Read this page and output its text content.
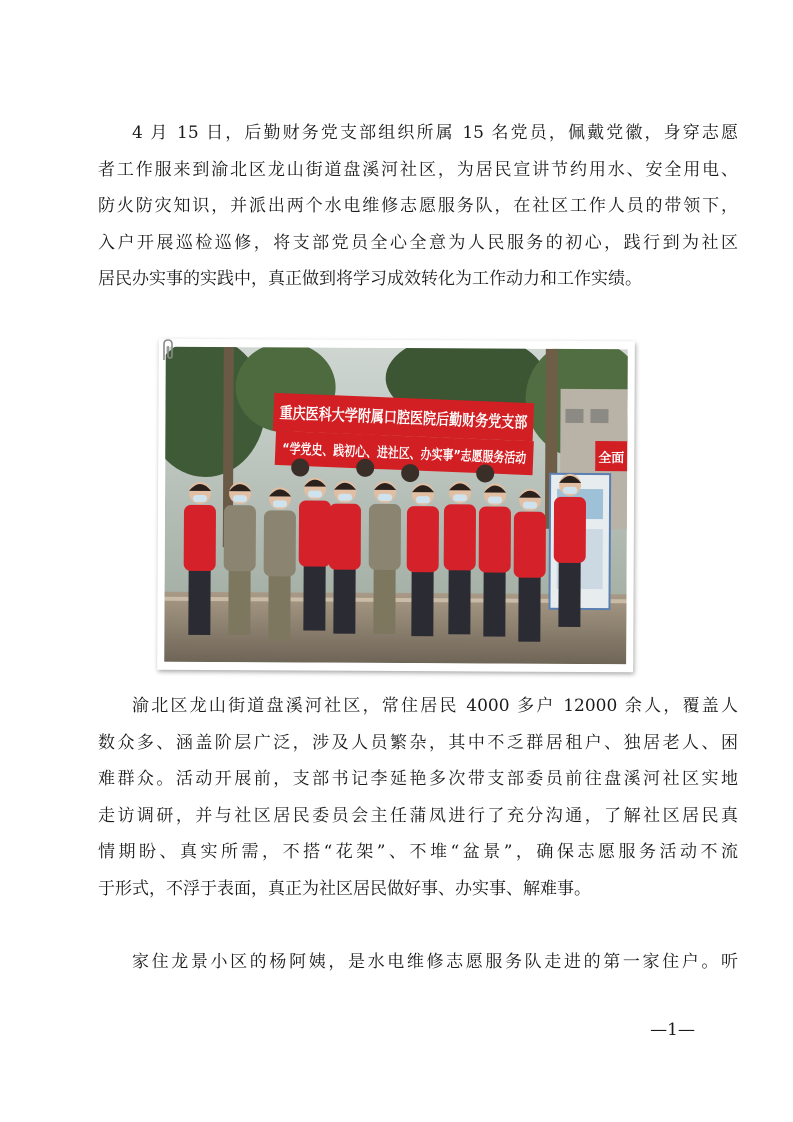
4 月 15 日，后勤财务党支部组织所属 15 名党员，佩戴党徽，身穿志愿
者工作服来到渝北区龙山街道盘溪河社区，为居民宣讲节约用水、安全用电、
防火防灾知识，并派出两个水电维修志愿服务队，在社区工作人员的带领下，
入户开展巡检巡修，将支部党员全心全意为人民服务的初心，践行到为社区
居民办实事的实践中，真正做到将学习成效转化为工作动力和工作实绩。

重庆医科大学附属口腔医院后勤财务党支部
“学党史、践初心、进社区、办实事”志愿服务活动 全面

渝北区龙山街道盘溪河社区，常住居民 4000 多户 12000 余人，覆盖人
数众多、涵盖阶层广泛，涉及人员繁杂，其中不乏群居租户、独居老人、困
难群众。活动开展前，支部书记李延艳多次带支部委员前往盘溪河社区实地
走访调研，并与社区居民委员会主任蒲凤进行了充分沟通，了解社区居民真
情期盼、真实所需，不搭“花架”、不堆“盆景”，确保志愿服务活动不流
于形式，不浮于表面，真正为社区居民做好事、办实事、解难事。

家住龙景小区的杨阿姨，是水电维修志愿服务队走进的第一家住户。听

—1—
